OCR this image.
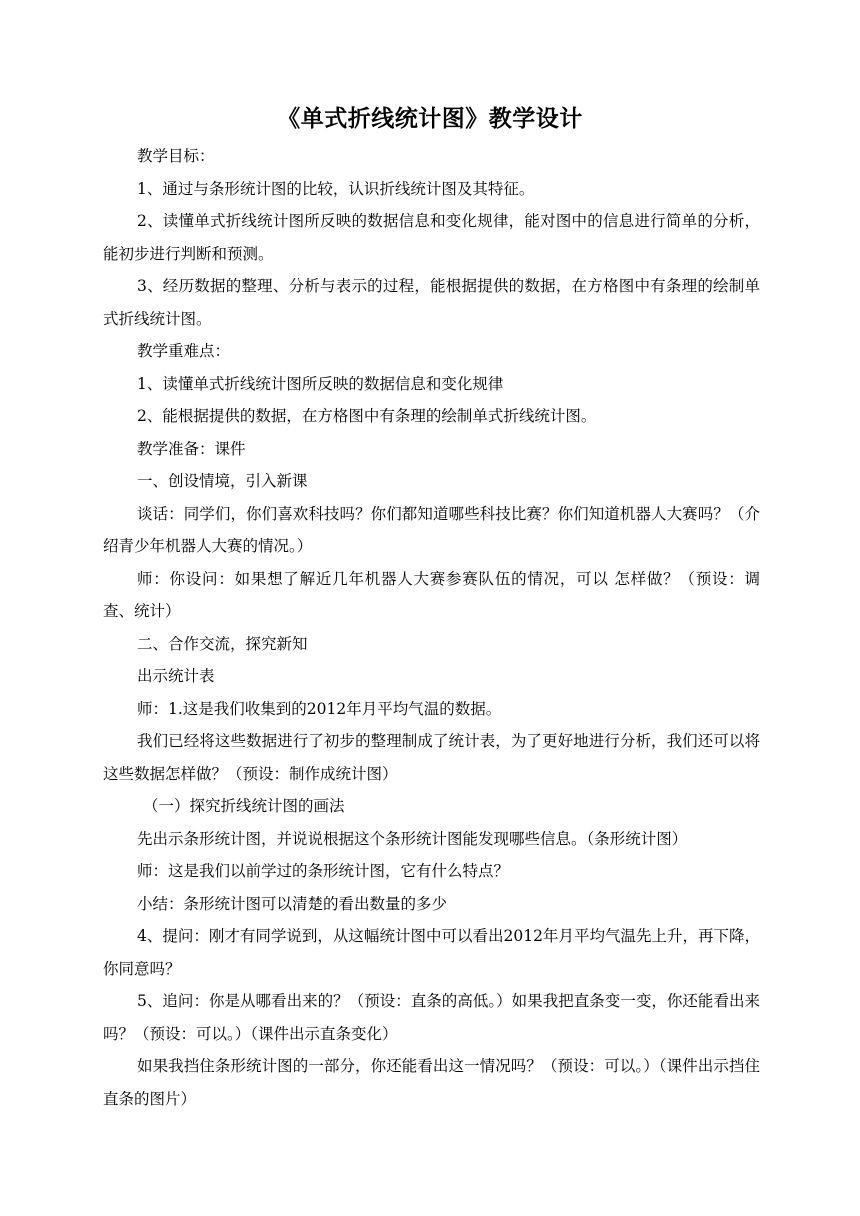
《单式折线统计图》教学设计

教学目标：

1、通过与条形统计图的比较，认识折线统计图及其特征。

2、读懂单式折线统计图所反映的数据信息和变化规律，能对图中的信息进行简单的分析，能初步进行判断和预测。

3、经历数据的整理、分析与表示的过程，能根据提供的数据，在方格图中有条理的绘制单式折线统计图。

教学重难点：

1、读懂单式折线统计图所反映的数据信息和变化规律

2、能根据提供的数据，在方格图中有条理的绘制单式折线统计图。

教学准备：课件

一、创设情境，引入新课

谈话：同学们，你们喜欢科技吗？你们都知道哪些科技比赛？你们知道机器人大赛吗？（介绍青少年机器人大赛的情况。）

师：你设问：如果想了解近几年机器人大赛参赛队伍的情况，可以 怎样做？（预设：调查、统计）

二、合作交流，探究新知

出示统计表

师：1.这是我们收集到的2012年月平均气温的数据。

我们已经将这些数据进行了初步的整理制成了统计表，为了更好地进行分析，我们还可以将这些数据怎样做？（预设：制作成统计图）

（一）探究折线统计图的画法

先出示条形统计图，并说说根据这个条形统计图能发现哪些信息。（条形统计图）

师：这是我们以前学过的条形统计图，它有什么特点？

小结：条形统计图可以清楚的看出数量的多少

4、提问：刚才有同学说到，从这幅统计图中可以看出2012年月平均气温先上升，再下降，你同意吗？

5、追问：你是从哪看出来的？（预设：直条的高低。）如果我把直条变一变，你还能看出来吗？（预设：可以。）（课件出示直条变化）

如果我挡住条形统计图的一部分，你还能看出这一情况吗？（预设：可以。）（课件出示挡住直条的图片）
